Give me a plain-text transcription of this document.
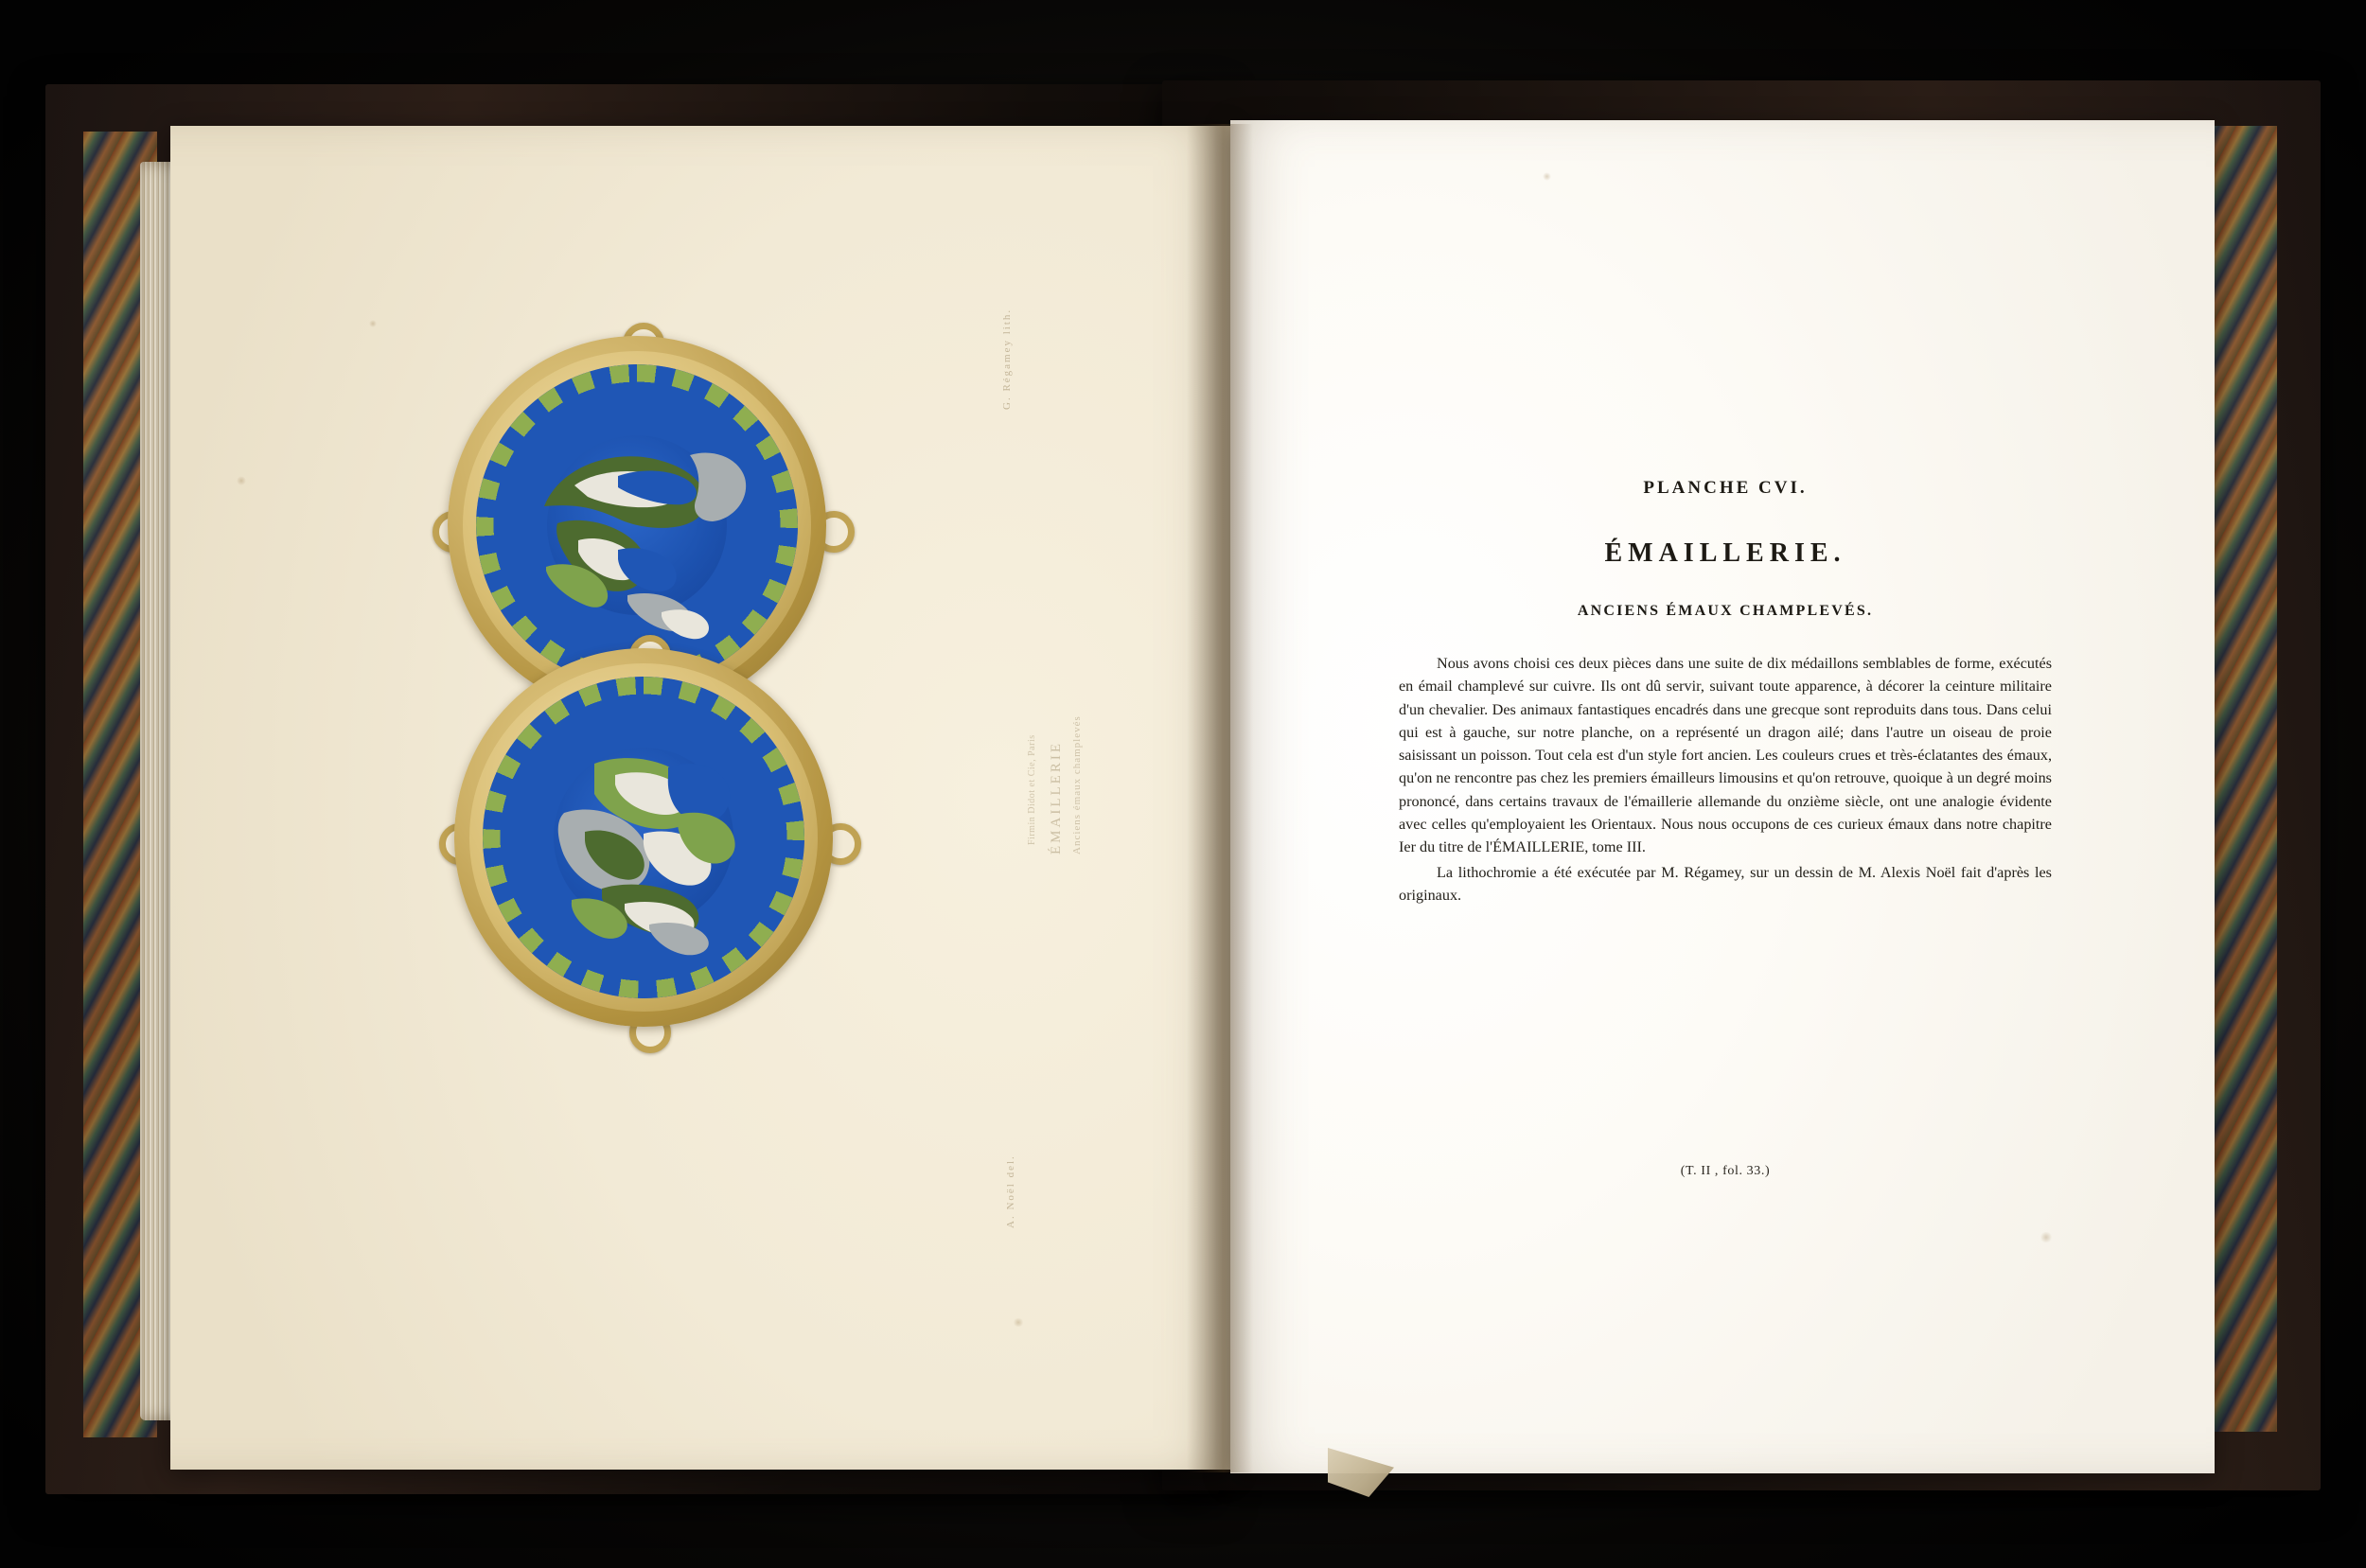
G. Régamey lith.
A. Noël del.
ÉMAILLERIE Anciens émaux champlevés
Firmin Didot et Cie, Paris
PLANCHE CVI.
ÉMAILLERIE.
ANCIENS ÉMAUX CHAMPLEVÉS.

Nous avons choisi ces deux pièces dans une suite de dix médaillons semblables de forme, exécutés en émail champlevé sur cuivre. Ils ont dû servir, suivant toute apparence, à décorer la ceinture militaire d'un chevalier. Des animaux fantastiques encadrés dans une grecque sont reproduits dans tous. Dans celui qui est à gauche, sur notre planche, on a représenté un dragon ailé; dans l'autre un oiseau de proie saisissant un poisson. Tout cela est d'un style fort ancien. Les couleurs crues et très-éclatantes des émaux, qu'on ne rencontre pas chez les premiers émailleurs limousins et qu'on retrouve, quoique à un degré moins prononcé, dans certains travaux de l'émaillerie allemande du onzième siècle, ont une analogie évidente avec celles qu'employaient les Orientaux. Nous nous occupons de ces curieux émaux dans notre chapitre Ier du titre de l'ÉMAILLERIE, tome III.

La lithochromie a été exécutée par M. Régamey, sur un dessin de M. Alexis Noël fait d'après les originaux.

(T. II , fol. 33.)
